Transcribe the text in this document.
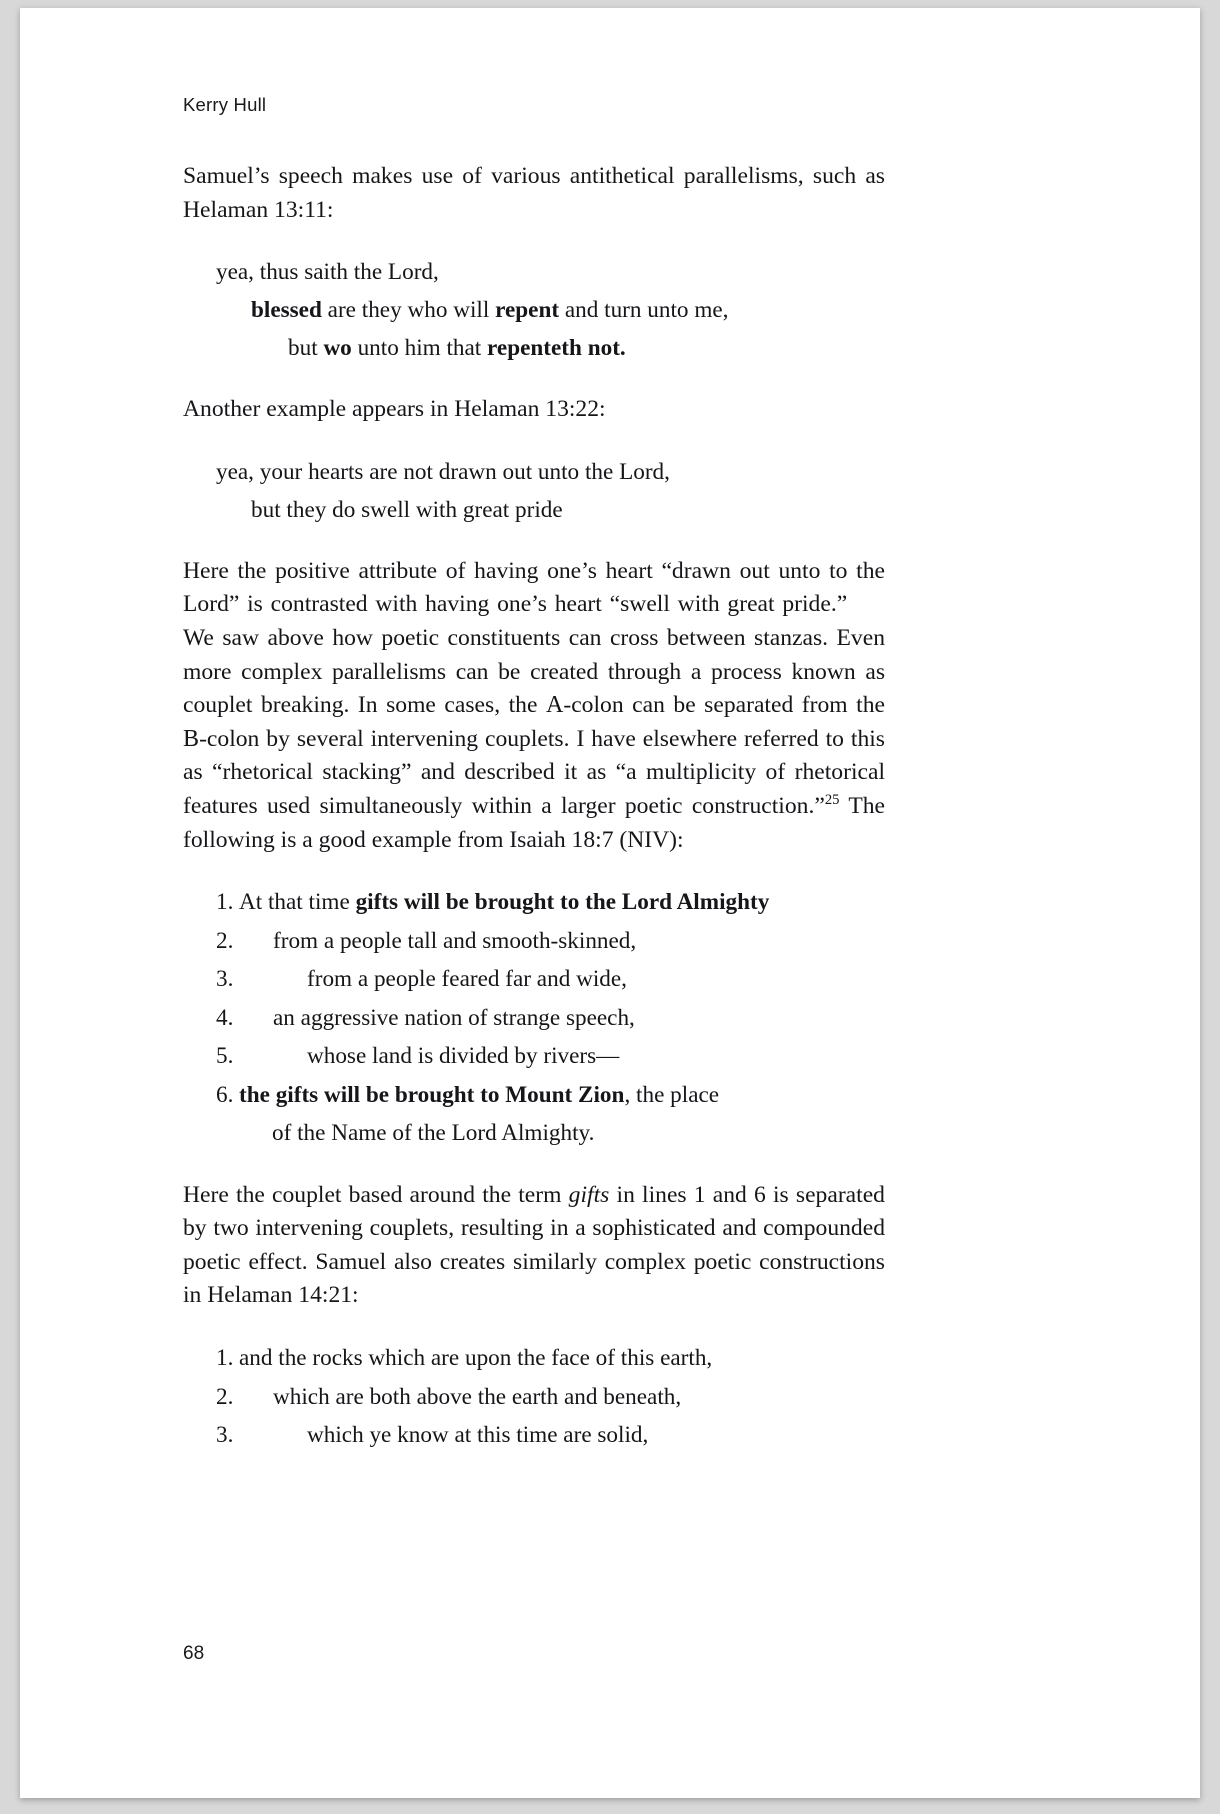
Kerry Hull

Samuel’s speech makes use of various antithetical parallelisms, such as Helaman 13:11:

yea, thus saith the Lord,
blessed are they who will repent and turn unto me,
but wo unto him that repenteth not.

Another example appears in Helaman 13:22:

yea, your hearts are not drawn out unto the Lord,
but they do swell with great pride
Here the positive attribute of having one’s heart “drawn out unto to the Lord” is contrasted with having one’s heart “swell with great pride.” We saw above how poetic constituents can cross between stanzas. Even more complex parallelisms can be created through a process known as couplet breaking. In some cases, the A-colon can be separated from the B-colon by several intervening couplets. I have elsewhere referred to this as “rhetorical stacking” and described it as “a multiplicity of rhetorical features used simultaneously within a larger poetic construction.”$^{25}$ The following is a good example from Isaiah 18:7 (NIV):
1. At that time gifts will be brought to the Lord Almighty
2.	from a people tall and smooth-skinned,
3.	from a people feared far and wide,
4.	an aggressive nation of strange speech,
5.	whose land is divided by rivers—
6. the gifts will be brought to Mount Zion, the place
of the Name of the Lord Almighty.
Here the couplet based around the term gifts in lines 1 and 6 is separated by two intervening couplets, resulting in a sophisticated and compounded poetic effect. Samuel also creates similarly complex poetic constructions in Helaman 14:21:
1. and the rocks which are upon the face of this earth,
2.	which are both above the earth and beneath,
3.	which ye know at this time are solid,
68
